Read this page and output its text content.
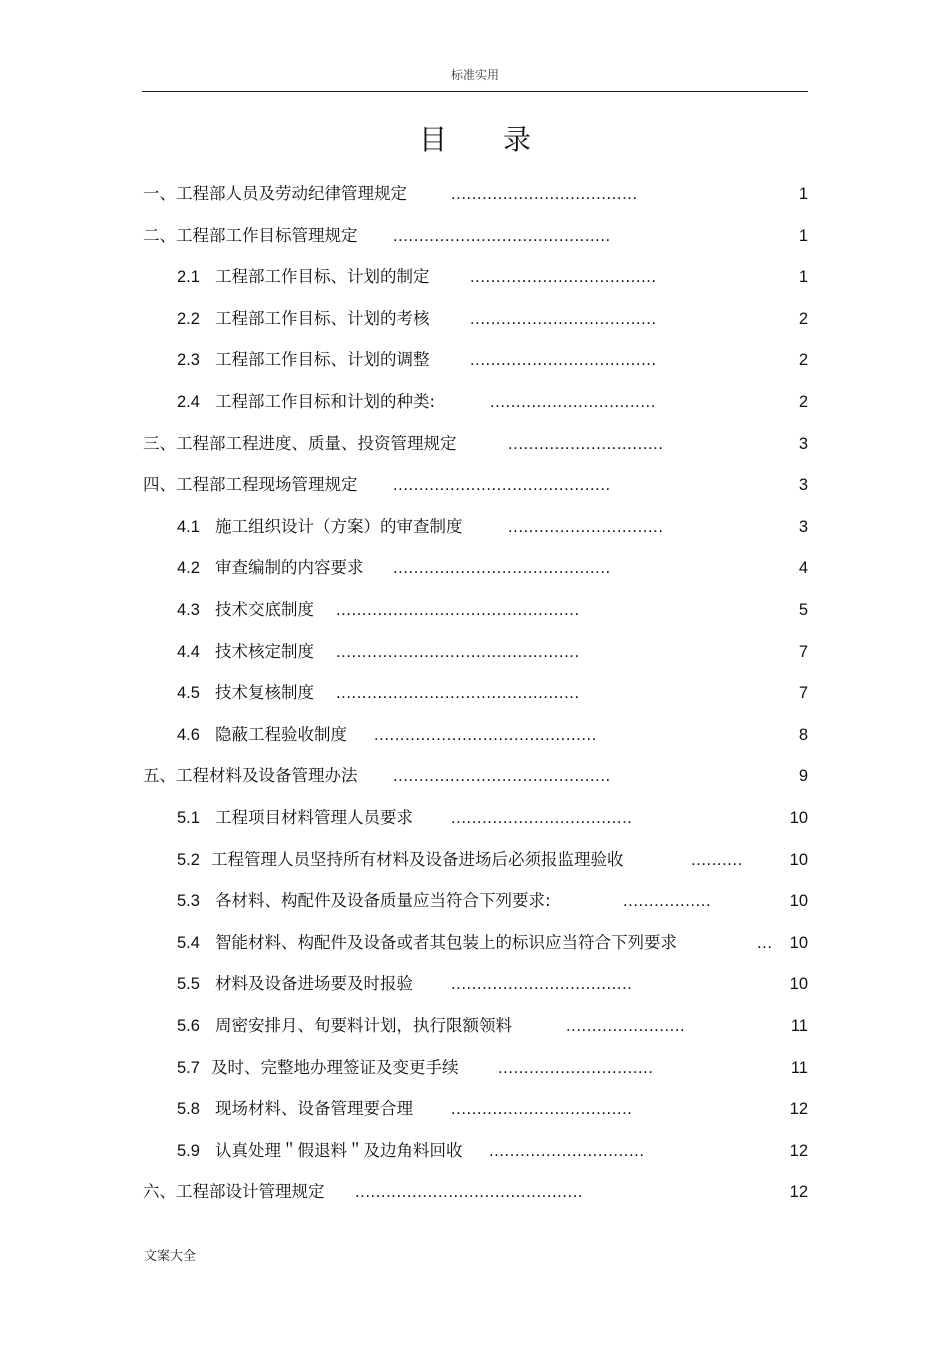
标准实用
目录
一、工程部人员及劳动纪律管理规定	....................................	1
二、工程部工作目标管理规定 ..........................................	1
2.1 工程部工作目标、计划的制定 ....................................	1
2.2 工程部工作目标、计划的考核 ....................................	2
2.3 工程部工作目标、计划的调整 ....................................	2
2.4 工程部工作目标和计划的种类:	................................	2
三、工程部工程进度、质量、投资管理规定	..............................	3
四、工程部工程现场管理规定 ..........................................	3
4.1 施工组织设计（方案）的审查制度	..............................	3
4.2 审查编制的内容要求 ..........................................	4
4.3 技术交底制度 ...............................................	5
4.4 技术核定制度 ...............................................	7
4.5 技术复核制度 ...............................................	7
4.6 隐蔽工程验收制度 ...........................................	8
五、工程材料及设备管理办法 ..........................................	9
5.1 工程项目材料管理人员要求 ...................................	10
5.2 工程管理人员坚持所有材料及设备进场后必须报监理验收	..........	10
5.3 各材料、构配件及设备质量应当符合下列要求:	.................	10
5.4 智能材料、构配件及设备或者其包装上的标识应当符合下列要求	... 10
5.5 材料及设备进场要及时报验 ...................................	10
5.6 周密安排月、旬要料计划，执行限额领料	.......................	11
5.7 及时、完整地办理签证及变更手续 ..............................	11
5.8 现场材料、设备管理要合理 ...................................	12
5.9 认真处理＂假退料＂及边角料回收 ..............................	12
六、工程部设计管理规定 ............................................	12
文案大全
